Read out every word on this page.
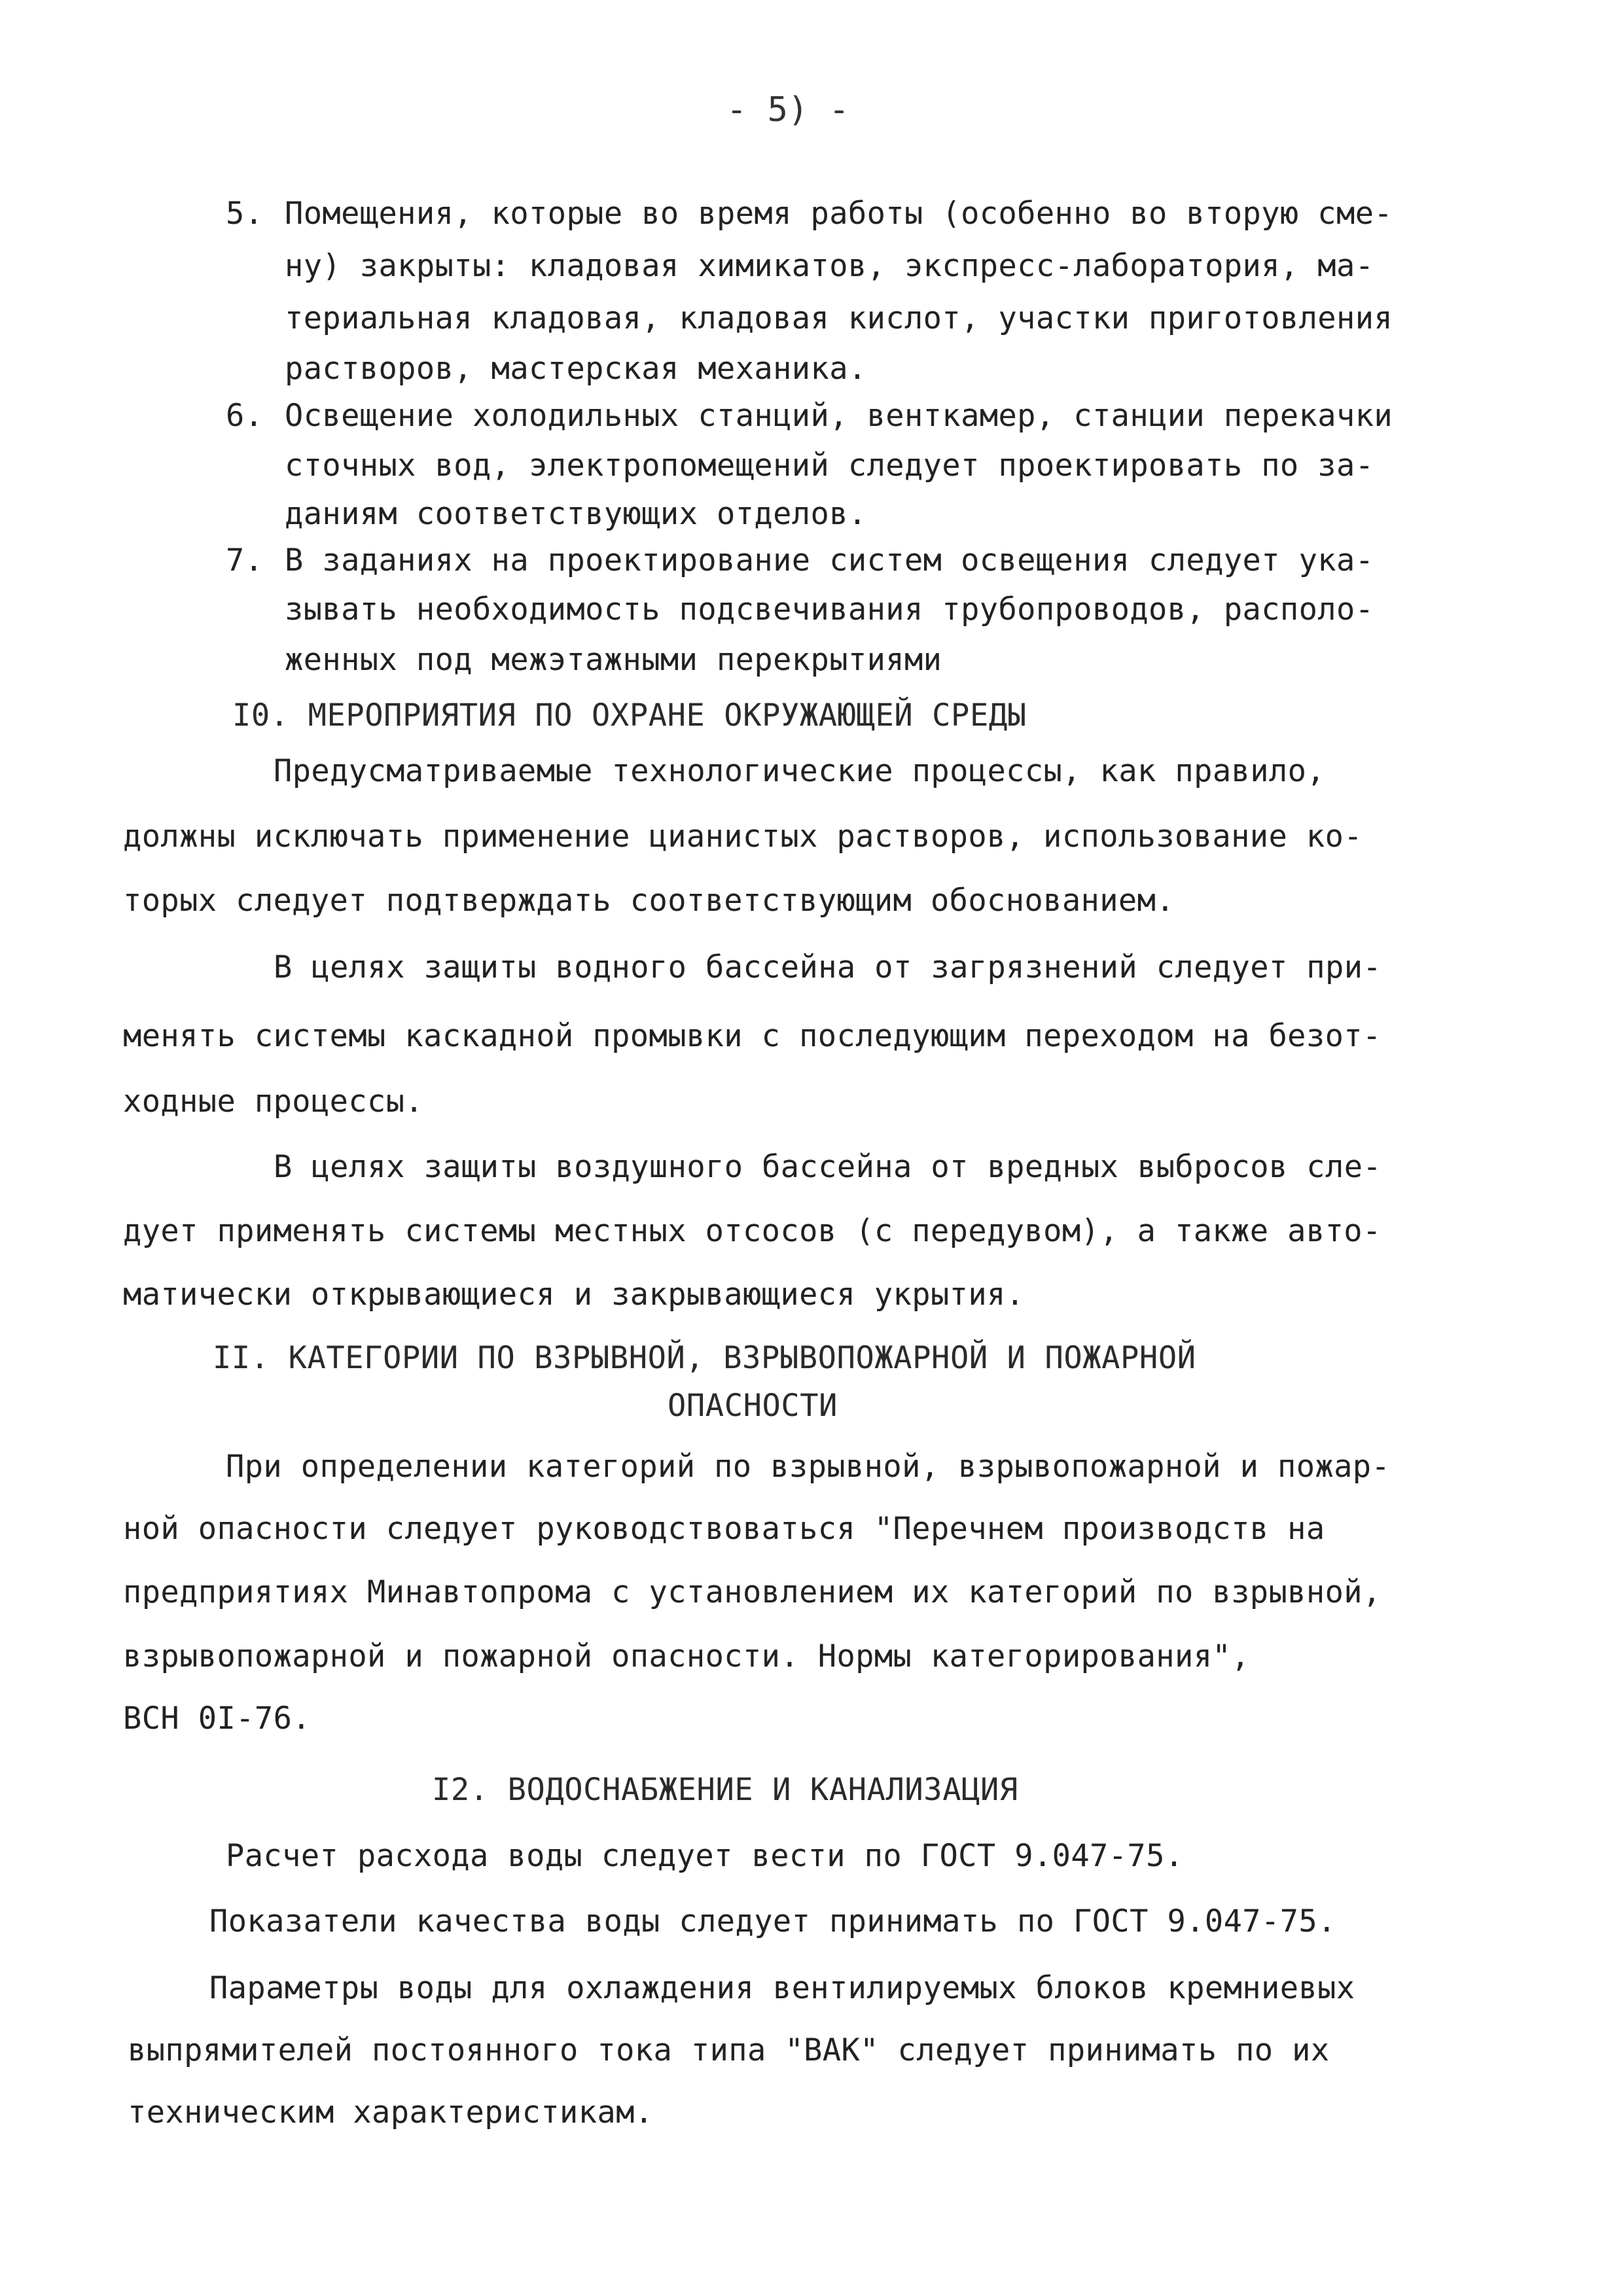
- 5) -
5. Помещения, которые во время работы (особенно во вторую сме-
ну) закрыты: кладовая химикатов, экспресс-лаборатория, ма-
териальная кладовая, кладовая кислот, участки приготовления
растворов, мастерская механика.
6. Освещение холодильных станций, венткамер, станции перекачки
сточных вод, электропомещений следует проектировать по за-
даниям соответствующих отделов.
7. В заданиях на проектирование систем освещения следует ука-
зывать необходимость подсвечивания трубопроводов, располо-
женных под межэтажными перекрытиями
I0. МЕРОПРИЯТИЯ ПО ОХРАНЕ ОКРУЖАЮЩЕЙ СРЕДЫ
Предусматриваемые технологические процессы, как правило,
должны исключать применение цианистых растворов, использование ко-
торых следует подтверждать соответствующим обоснованием.
В целях защиты водного бассейна от загрязнений следует при-
менять системы каскадной промывки с последующим переходом на безот-
ходные процессы.
В целях защиты воздушного бассейна от вредных выбросов сле-
дует применять системы местных отсосов (с передувом), а также авто-
матически открывающиеся и закрывающиеся укрытия.
II. КАТЕГОРИИ ПО ВЗРЫВНОЙ, ВЗРЫВОПОЖАРНОЙ И ПОЖАРНОЙ
ОПАСНОСТИ
При определении категорий по взрывной, взрывопожарной и пожар-
ной опасности следует руководствоваться "Перечнем производств на
предприятиях Минавтопрома с установлением их категорий по взрывной,
взрывопожарной и пожарной опасности. Нормы категорирования",
ВСН 0I-76.
I2. ВОДОСНАБЖЕНИЕ И КАНАЛИЗАЦИЯ
Расчет расхода воды следует вести по ГОСТ 9.047-75.
Показатели качества воды следует принимать по ГОСТ 9.047-75.
Параметры воды для охлаждения вентилируемых блоков кремниевых
выпрямителей постоянного тока типа "ВАК" следует принимать по их
техническим характеристикам.
